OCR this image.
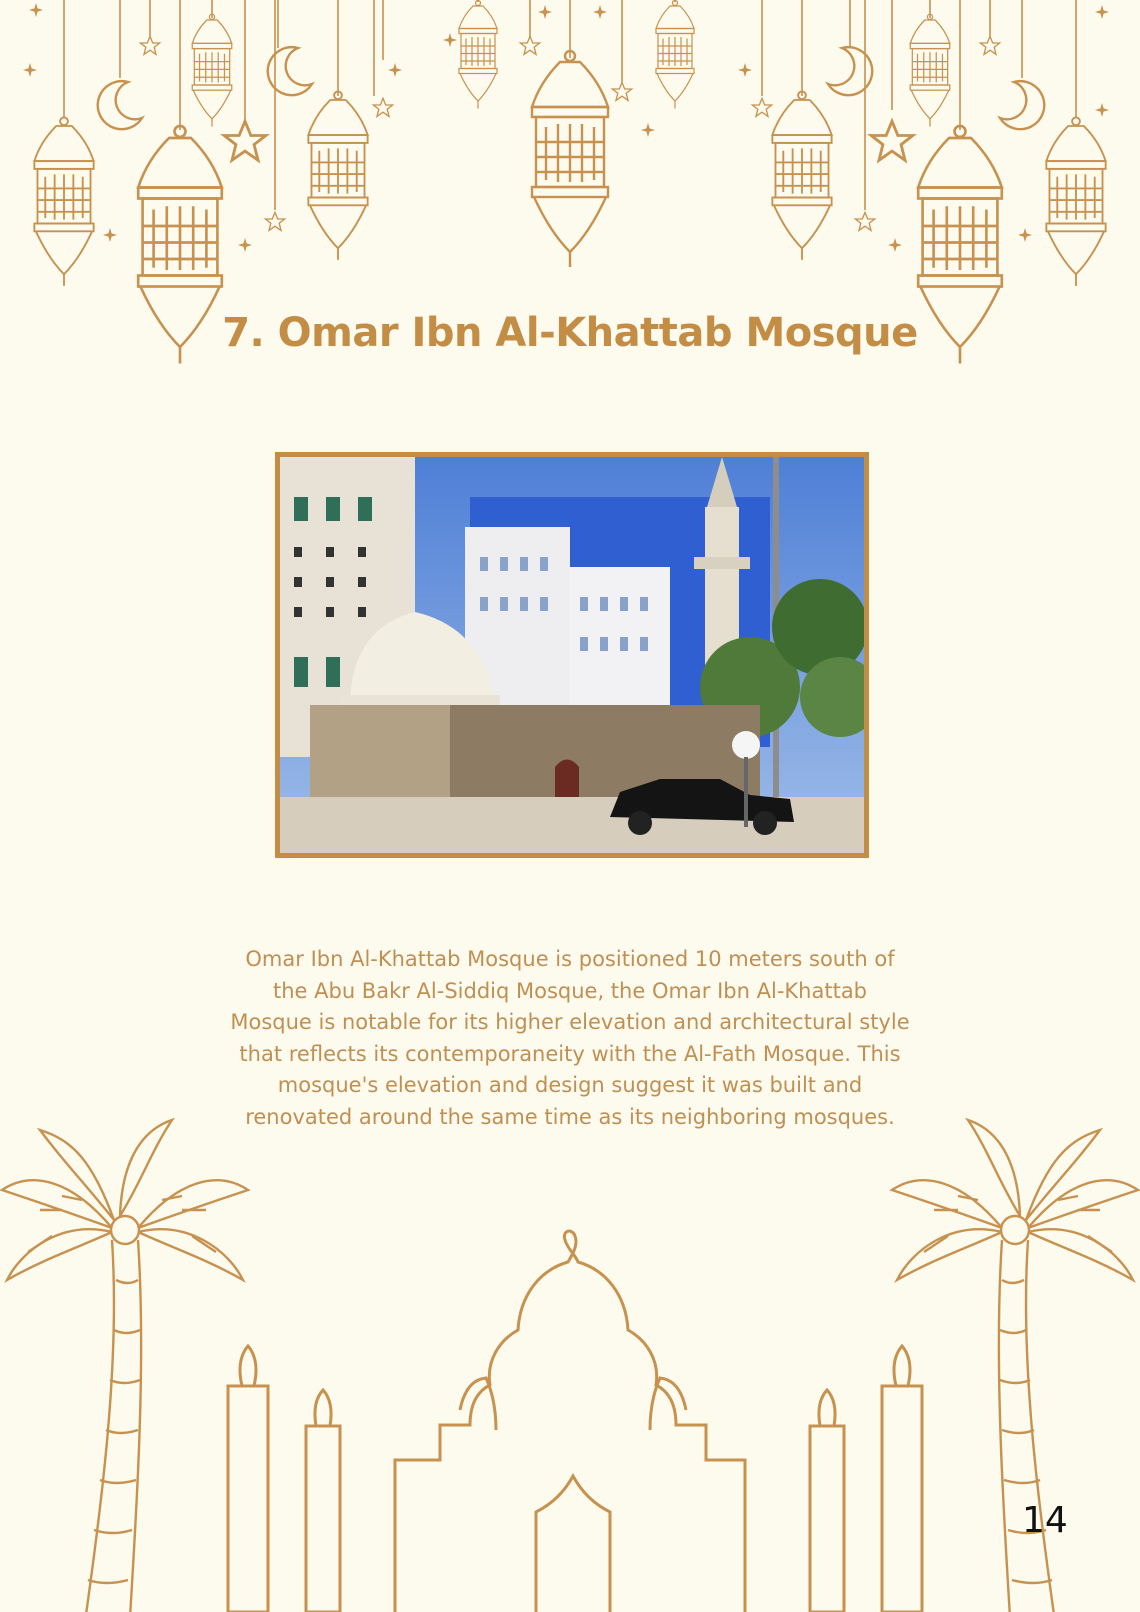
7. Omar Ibn Al-Khattab Mosque
Omar Ibn Al-Khattab Mosque is positioned 10 meters south of the Abu Bakr Al-Siddiq Mosque, the Omar Ibn Al-Khattab Mosque is notable for its higher elevation and architectural style that reflects its contemporaneity with the Al-Fath Mosque. This mosque's elevation and design suggest it was built and renovated around the same time as its neighboring mosques.
14
